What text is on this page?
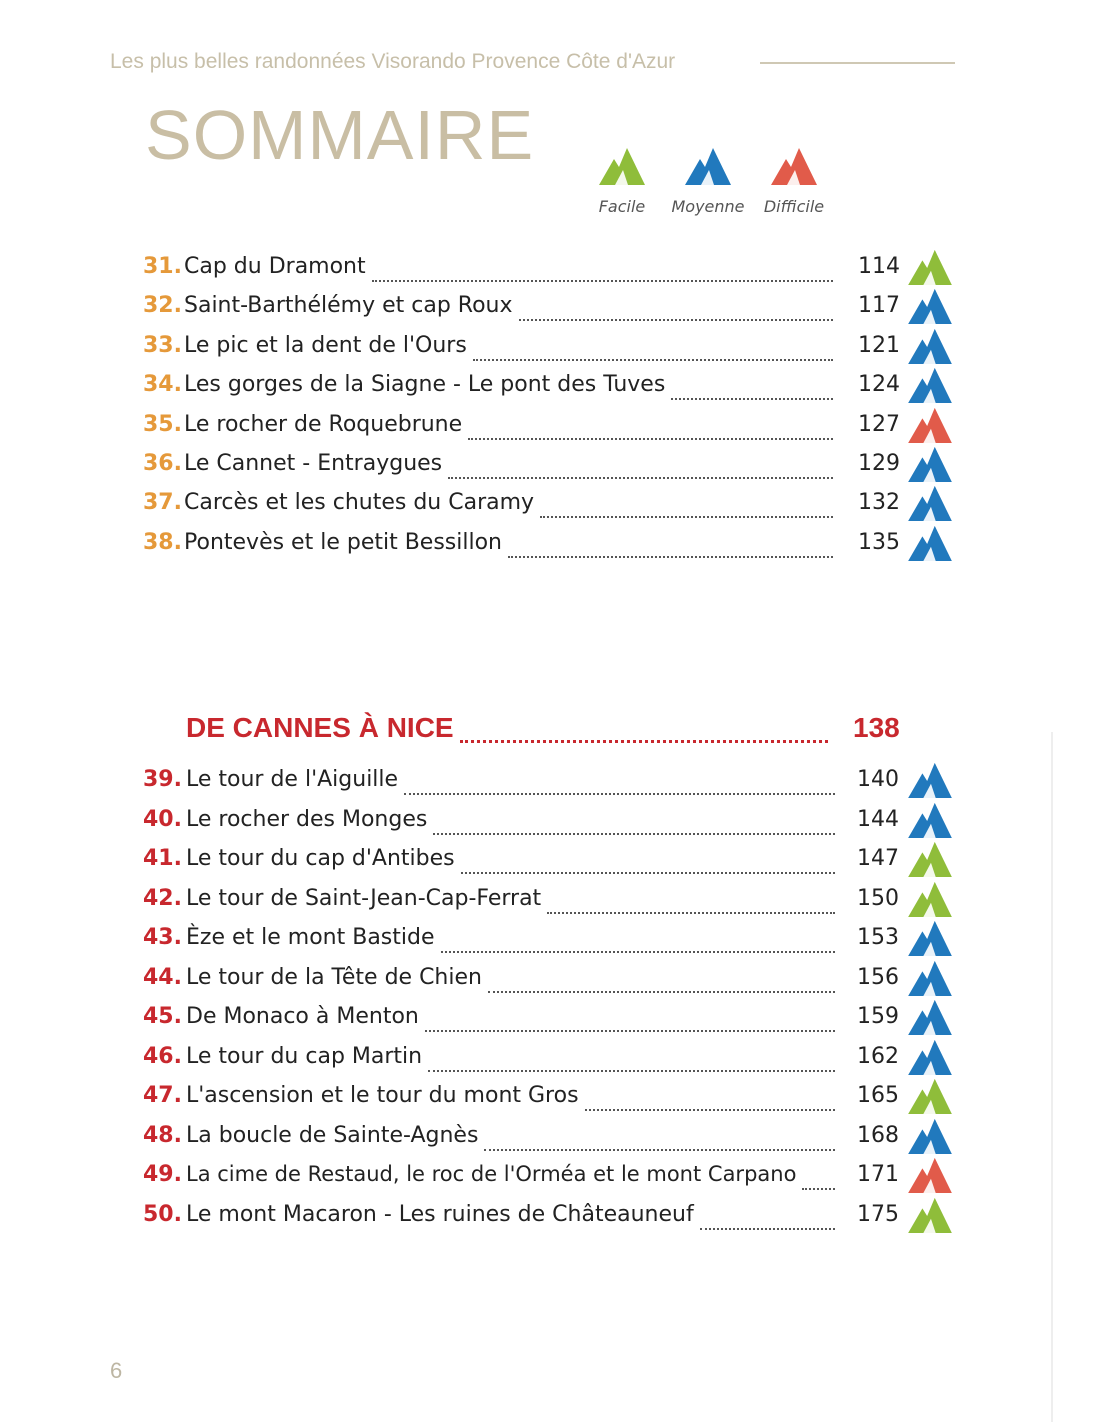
Les plus belles randonnées Visorando Provence Côte d'Azur
SOMMAIRE
Facile	Moyenne	Difficile
31. Cap du Dramont	114
32. Saint-Barthélémy et cap Roux	117
33. Le pic et la dent de l'Ours	121
34. Les gorges de la Siagne - Le pont des Tuves	124
35. Le rocher de Roquebrune	127
36. Le Cannet - Entraygues	129
37. Carcès et les chutes du Caramy	132
38. Pontevès et le petit Bessillon	135
DE CANNES À NICE	138
39. Le tour de l'Aiguille	140
40. Le rocher des Monges	144
41. Le tour du cap d'Antibes	147
42. Le tour de Saint-Jean-Cap-Ferrat	150
43. Èze et le mont Bastide	153
44. Le tour de la Tête de Chien	156
45. De Monaco à Menton	159
46. Le tour du cap Martin	162
47. L'ascension et le tour du mont Gros	165
48. La boucle de Sainte-Agnès	168
49. La cime de Restaud, le roc de l'Orméa et le mont Carpano	171
50. Le mont Macaron - Les ruines de Châteauneuf	175
6
